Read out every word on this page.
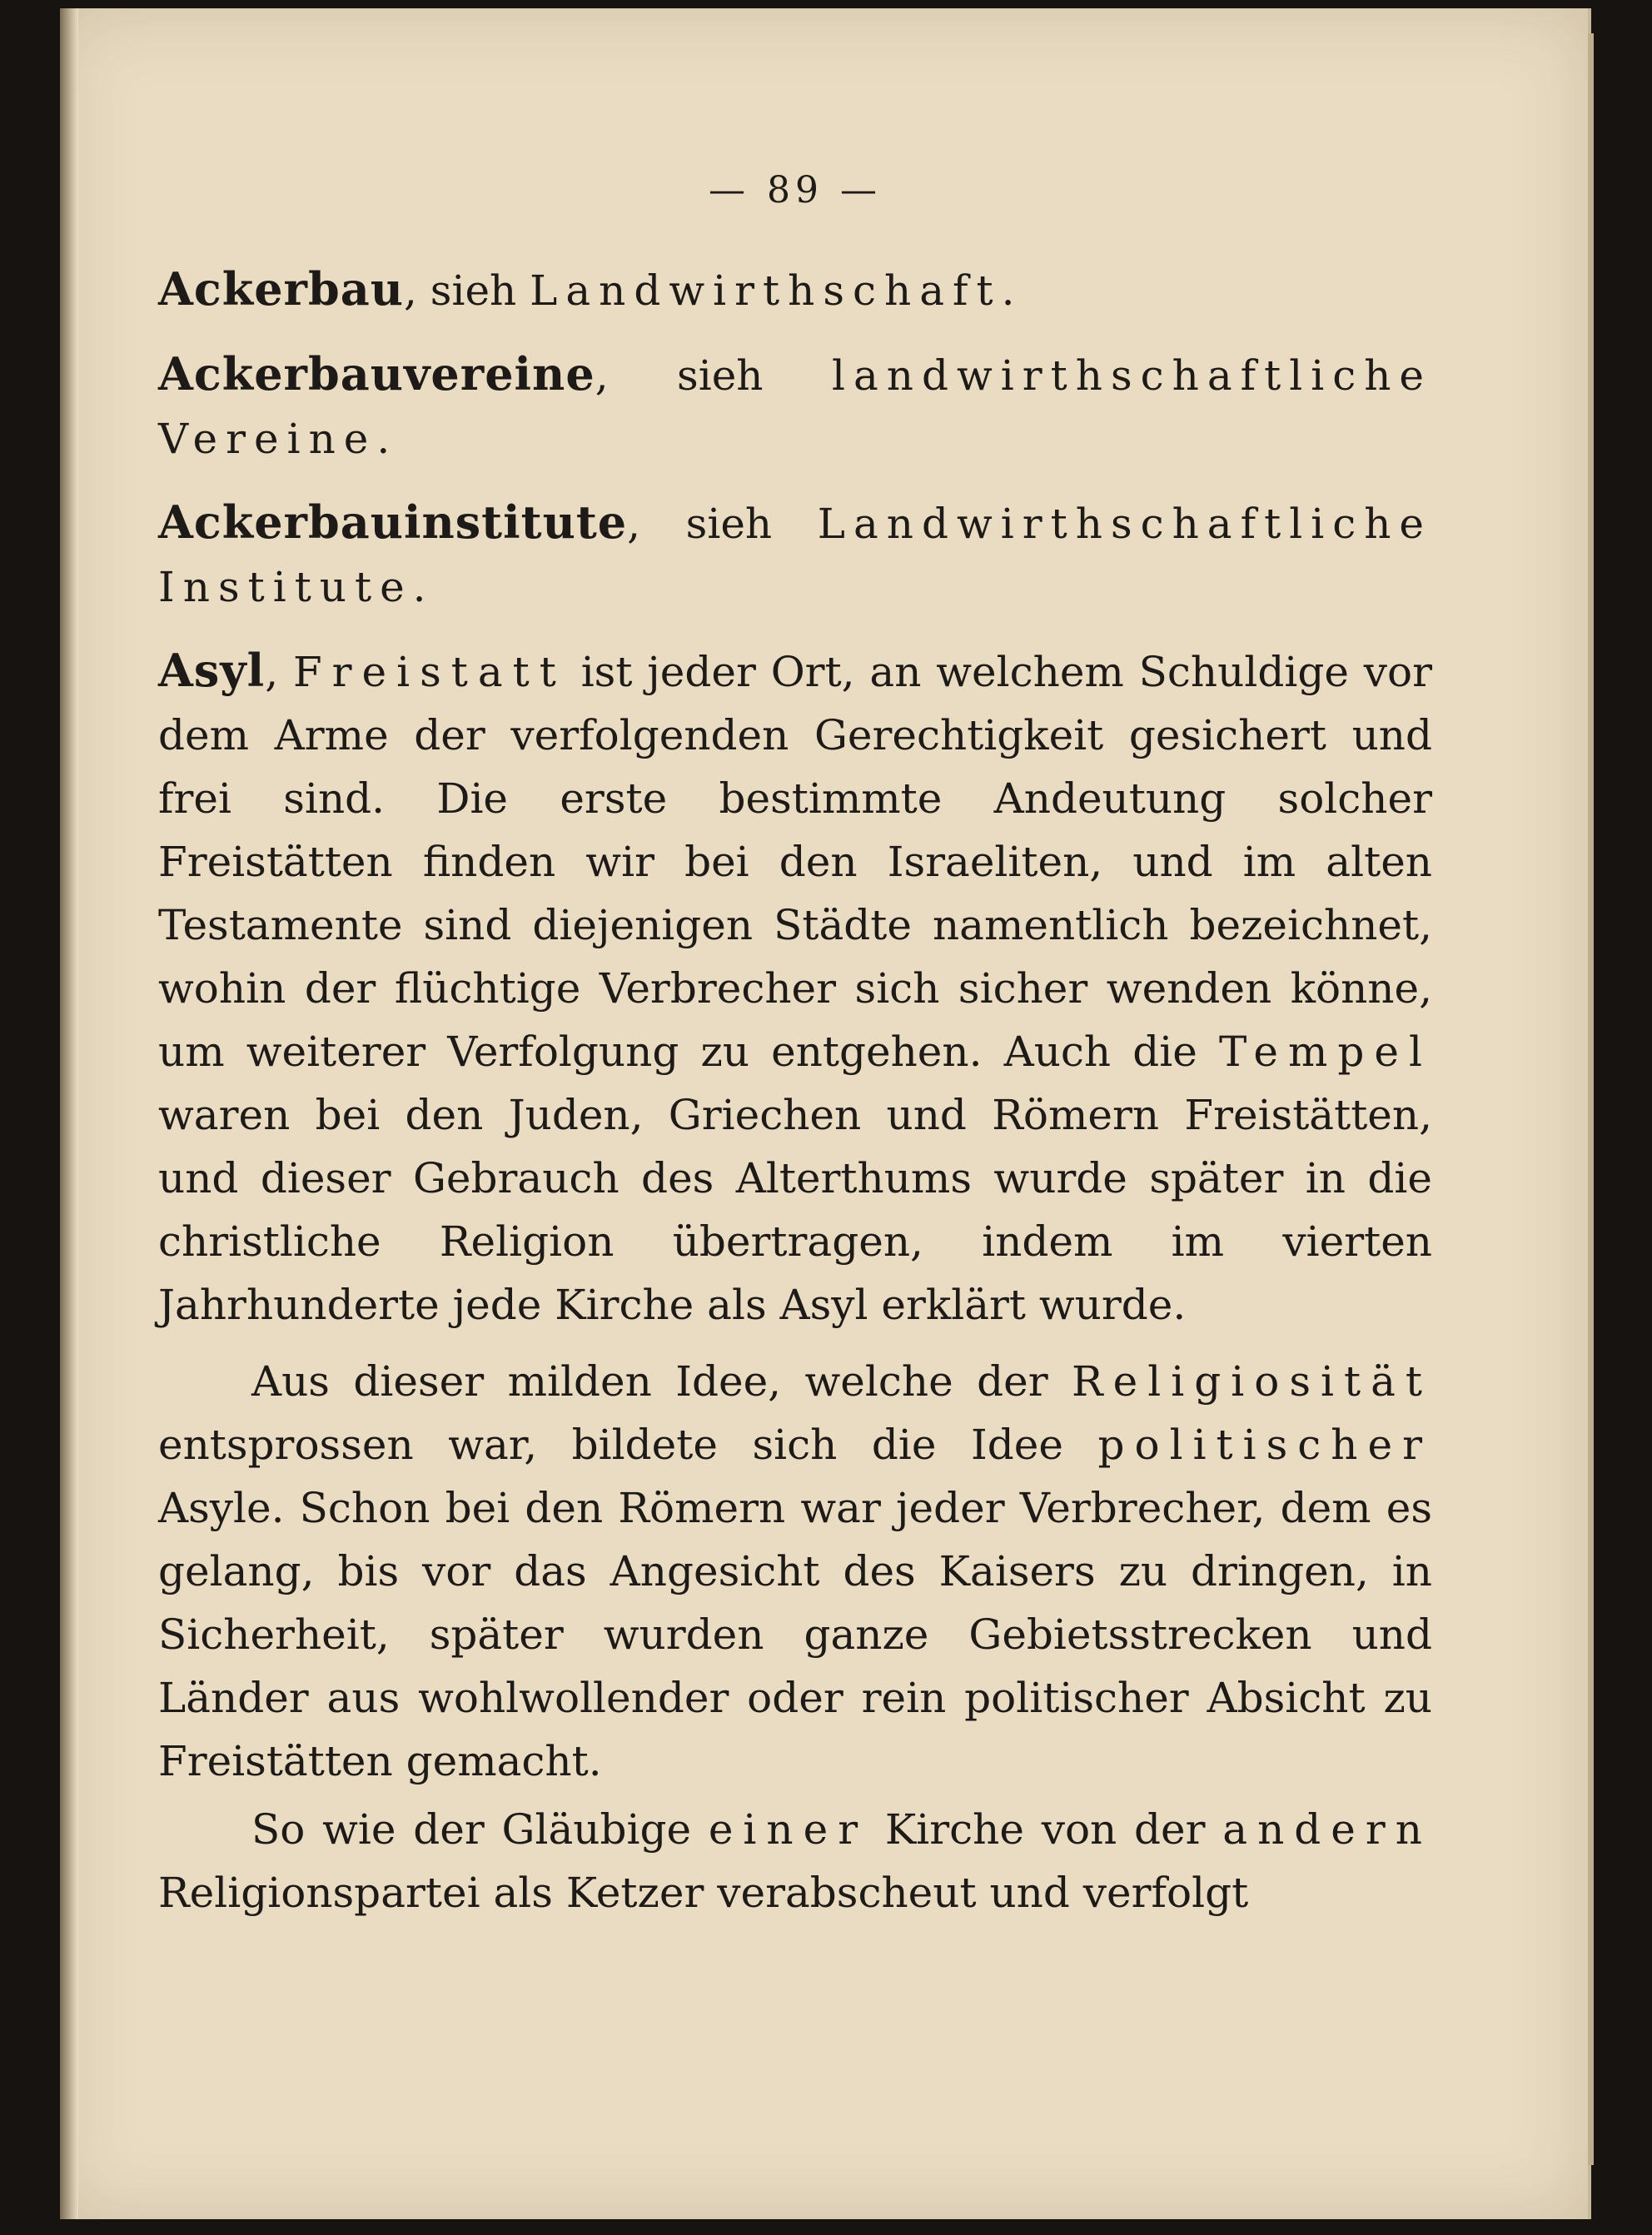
— 89 —

Ackerbau, sieh Landwirthschaft.

Ackerbauvereine, sieh landwirthschaftliche Vereine.

Ackerbauinstitute, sieh Landwirthschaftliche Institute.

Asyl, Freistatt ist jeder Ort, an welchem Schuldige vor dem Arme der verfolgenden Gerechtigkeit gesichert und frei sind. Die erste bestimmte Andeutung solcher Freistätten finden wir bei den Israeliten, und im alten Testamente sind diejenigen Städte namentlich bezeichnet, wohin der flüchtige Verbrecher sich sicher wenden könne, um weiterer Verfolgung zu entgehen. Auch die Tempel waren bei den Juden, Griechen und Römern Freistätten, und dieser Gebrauch des Alterthums wurde später in die christliche Religion übertragen, indem im vierten Jahrhunderte jede Kirche als Asyl erklärt wurde.

Aus dieser milden Idee, welche der Religiosität entsprossen war, bildete sich die Idee politischer Asyle. Schon bei den Römern war jeder Verbrecher, dem es gelang, bis vor das Angesicht des Kaisers zu dringen, in Sicherheit, später wurden ganze Gebietsstrecken und Länder aus wohlwollender oder rein politischer Absicht zu Freistätten gemacht.

So wie der Gläubige einer Kirche von der andern Religionspartei als Ketzer verabscheut und verfolgt
